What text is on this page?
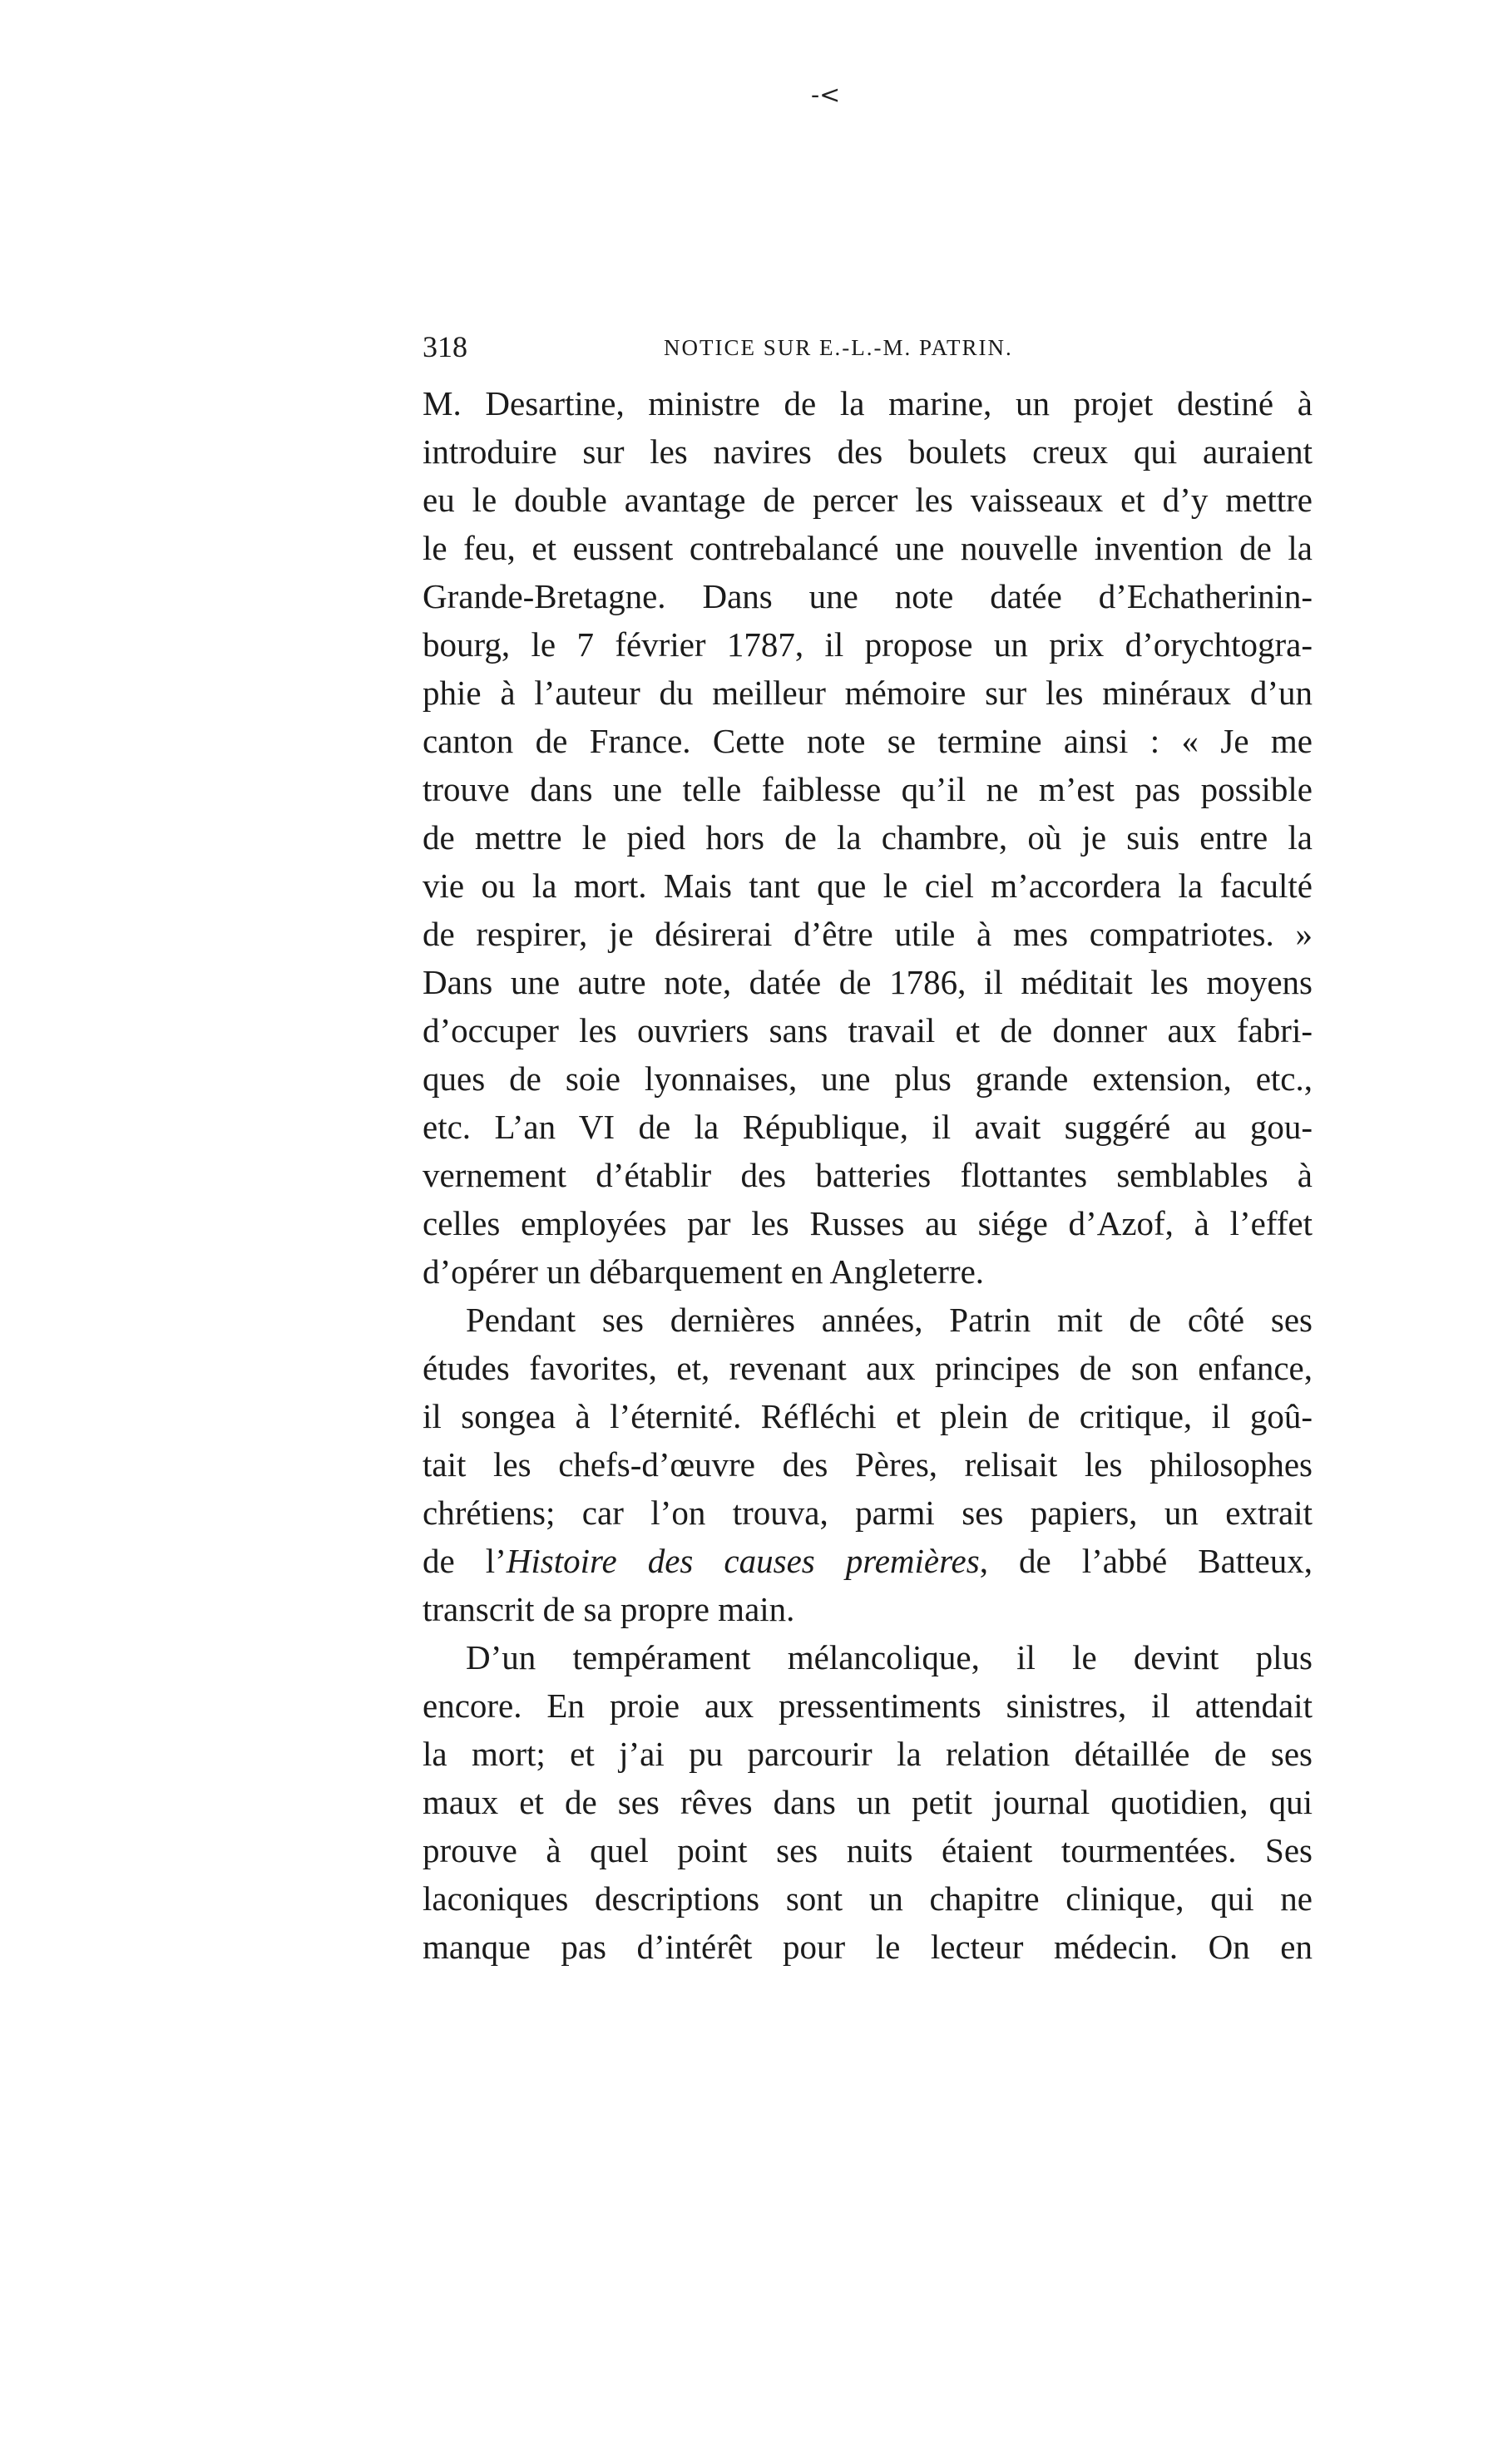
-<
318	NOTICE SUR E.-L.-M. PATRIN.
M. Desartine, ministre de la marine, un projet destiné à
introduire sur les navires des boulets creux qui auraient
eu le double avantage de percer les vaisseaux et d’y mettre
le feu, et eussent contrebalancé une nouvelle invention de la
Grande-Bretagne. Dans une note datée d’Echatherinin-
bourg, le 7 février 1787, il propose un prix d’orychtogra-
phie à l’auteur du meilleur mémoire sur les minéraux d’un
canton de France. Cette note se termine ainsi : « Je me
trouve dans une telle faiblesse qu’il ne m’est pas possible
de mettre le pied hors de la chambre, où je suis entre la
vie ou la mort. Mais tant que le ciel m’accordera la faculté
de respirer, je désirerai d’être utile à mes compatriotes. »
Dans une autre note, datée de 1786, il méditait les moyens
d’occuper les ouvriers sans travail et de donner aux fabri-
ques de soie lyonnaises, une plus grande extension, etc.,
etc. L’an VI de la République, il avait suggéré au gou-
vernement d’établir des batteries flottantes semblables à
celles employées par les Russes au siége d’Azof, à l’effet
d’opérer un débarquement en Angleterre.
Pendant ses dernières années, Patrin mit de côté ses
études favorites, et, revenant aux principes de son enfance,
il songea à l’éternité. Réfléchi et plein de critique, il goû-
tait les chefs-d’œuvre des Pères, relisait les philosophes
chrétiens; car l’on trouva, parmi ses papiers, un extrait
de l’Histoire des causes premières, de l’abbé Batteux,
transcrit de sa propre main.
D’un tempérament mélancolique, il le devint plus
encore. En proie aux pressentiments sinistres, il attendait
la mort; et j’ai pu parcourir la relation détaillée de ses
maux et de ses rêves dans un petit journal quotidien, qui
prouve à quel point ses nuits étaient tourmentées. Ses
laconiques descriptions sont un chapitre clinique, qui ne
manque pas d’intérêt pour le lecteur médecin. On en
